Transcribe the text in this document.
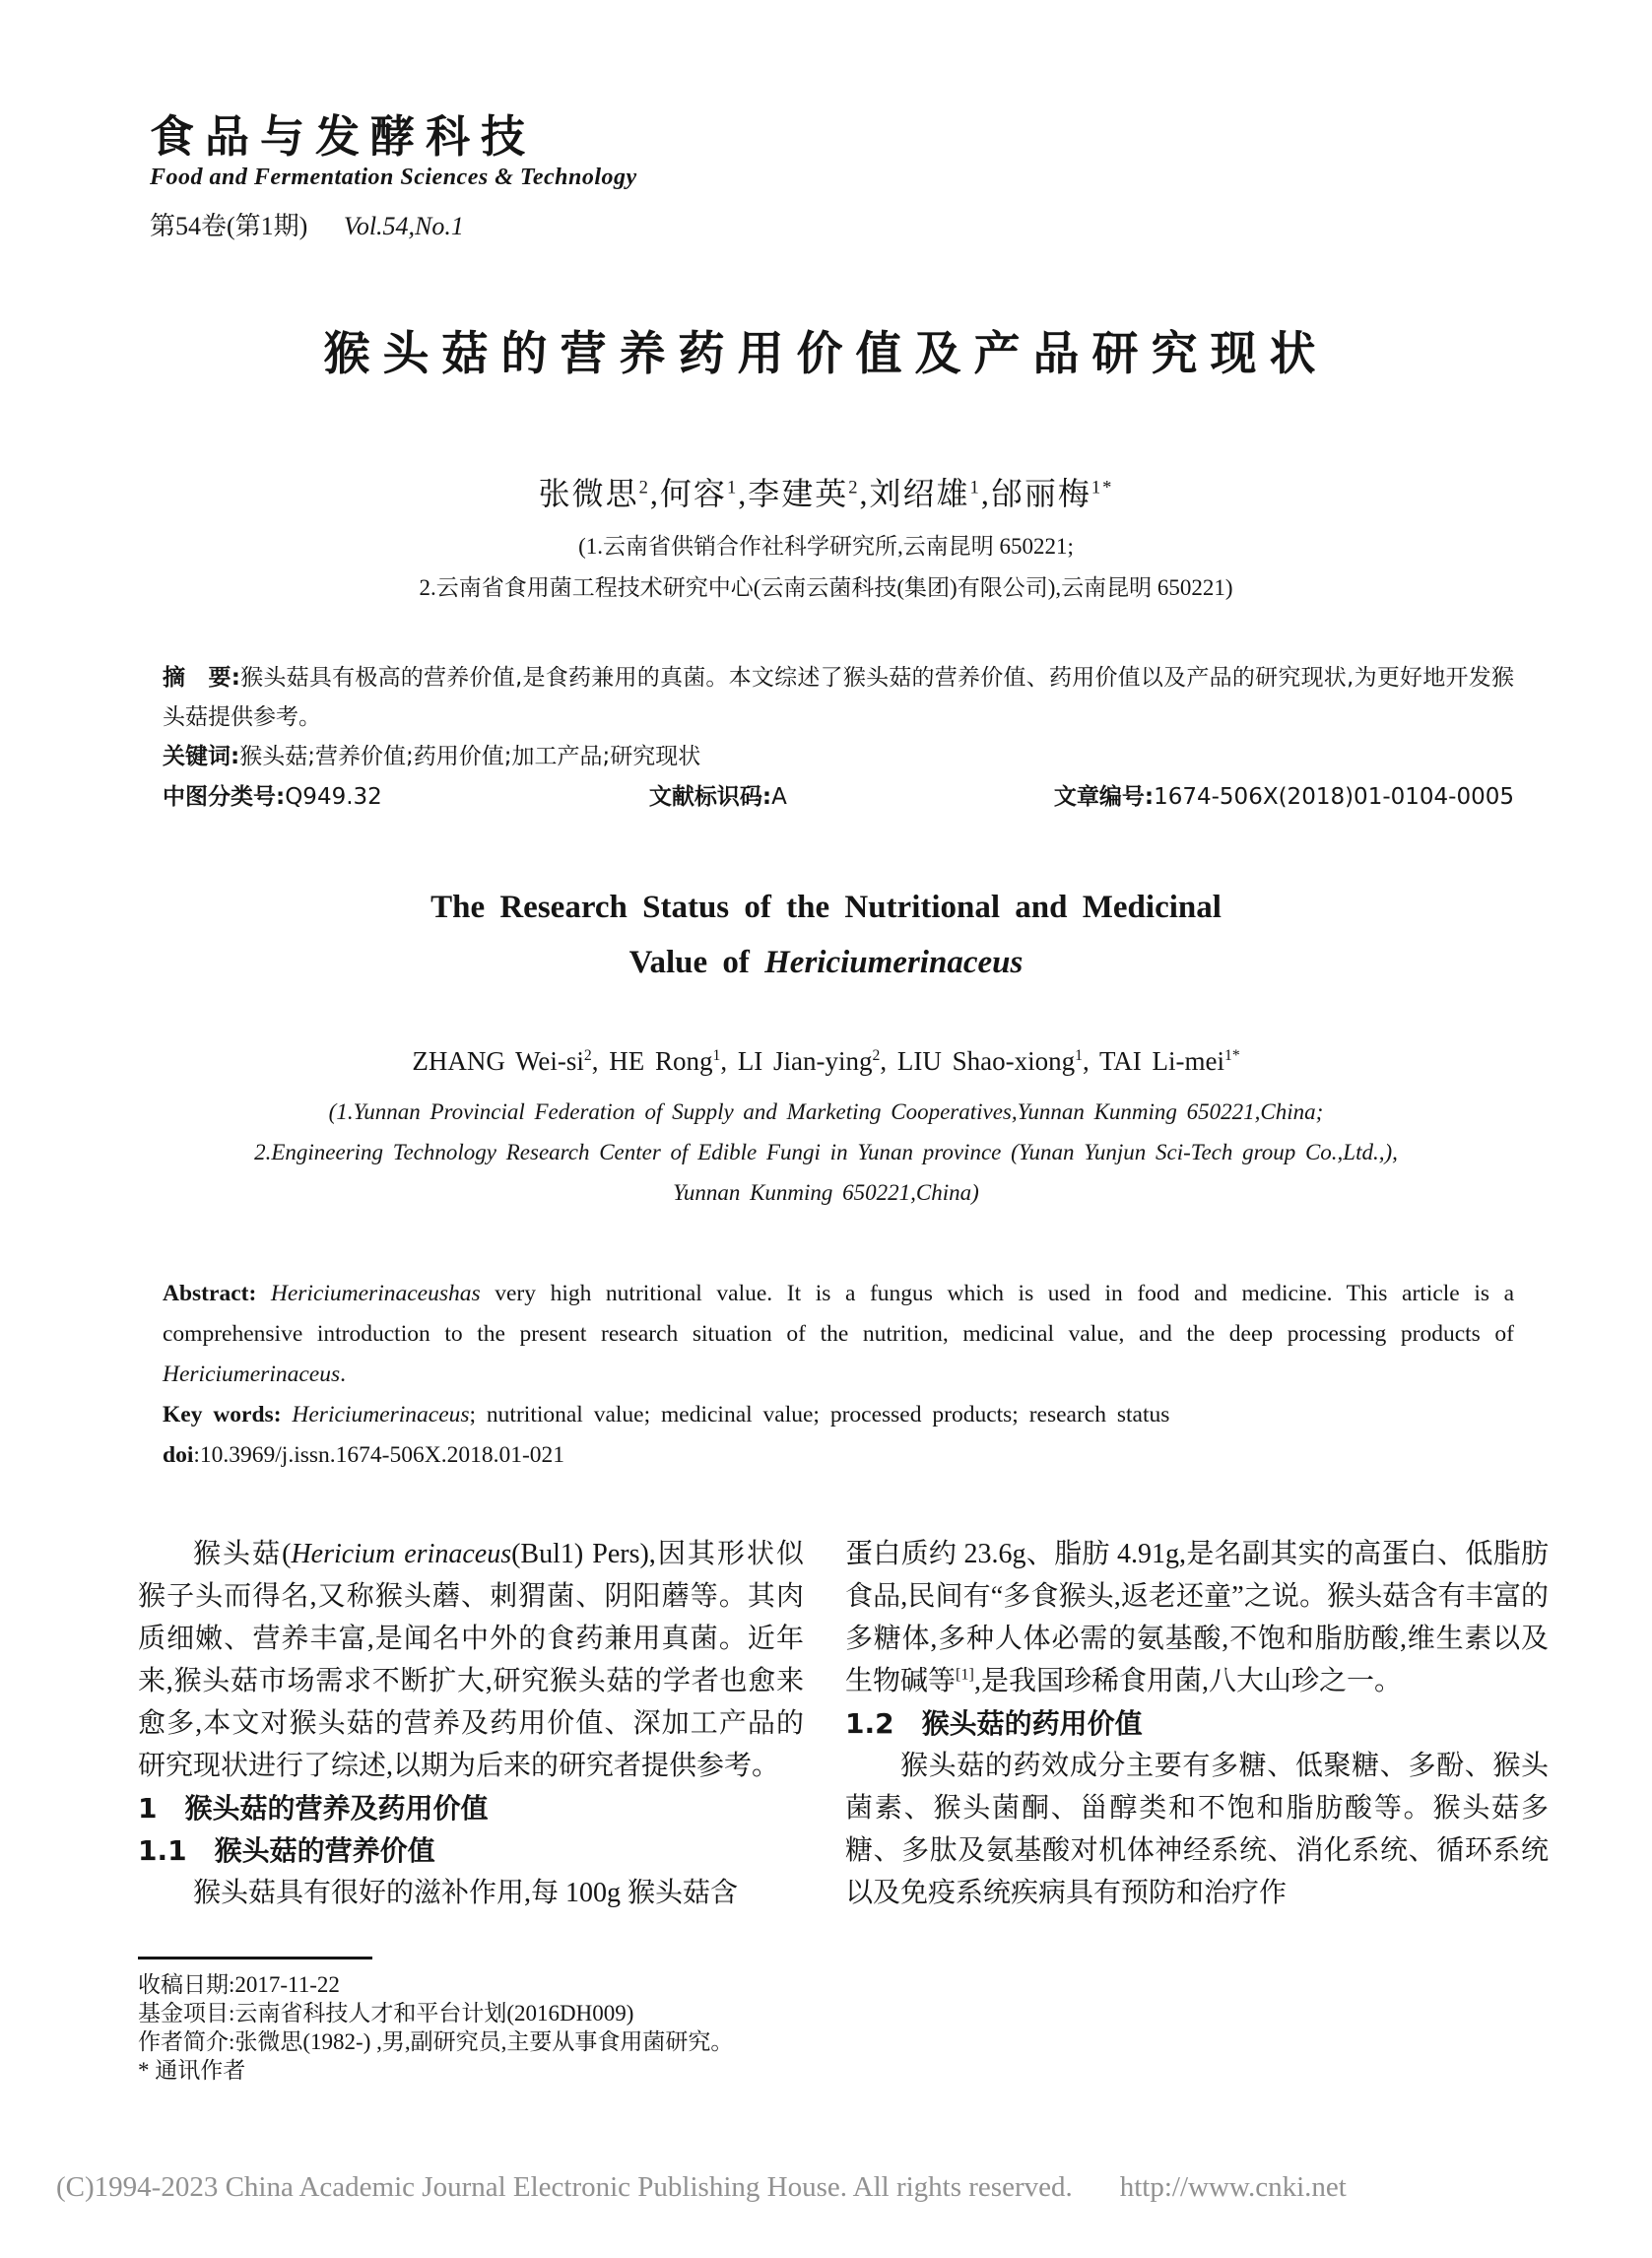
食品与发酵科技
Food and Fermentation Sciences & Technology
第54卷(第1期) Vol.54,No.1
猴头菇的营养药用价值及产品研究现状
张微思$^2$,何容$^1$,李建英$^2$,刘绍雄$^1$,邰丽梅$^{1*}$
(1.云南省供销合作社科学研究所,云南昆明 650221;
2.云南省食用菌工程技术研究中心(云南云菌科技(集团)有限公司),云南昆明 650221)

摘　要:猴头菇具有极高的营养价值,是食药兼用的真菌。本文综述了猴头菇的营养价值、药用价值以及产品的研究现状,为更好地开发猴头菇提供参考。

关键词:猴头菇;营养价值;药用价值;加工产品;研究现状

中图分类号:Q949.32	文献标识码:A	文章编号:1674-506X(2018)01-0104-0005
The Research Status of the Nutritional and Medicinal
Value of Hericiumerinaceus
ZHANG Wei-$si^2$, HE Rong$^1$, LI Jian-ying$^2$, LIU Shao-xiong$^1$, TAI Li-mei$^{1*}$
(1.Yunnan Provincial Federation of Supply and Marketing Cooperatives,Yunnan Kunming 650221,China;
2.Engineering Technology Research Center of Edible Fungi in Yunan province (Yunan Yunjun Sci-Tech group Co.,Ltd.,),
Yunnan Kunming 650221,China)

Abstract: Hericiumerinaceushas very high nutritional value. It is a fungus which is used in food and medicine. This article is a comprehensive introduction to the present research situation of the nutrition, medicinal value, and the deep processing products of Hericiumerinaceus.

Key words: Hericiumerinaceus; nutritional value; medicinal value; processed products; research status

doi:10.3969/j.issn.1674-506X.2018.01-021

猴头菇(Hericium erinaceus(Bul1) Pers),因其形状似猴子头而得名,又称猴头蘑、刺猬菌、阴阳蘑等。其肉质细嫩、营养丰富,是闻名中外的食药兼用真菌。近年来,猴头菇市场需求不断扩大,研究猴头菇的学者也愈来愈多,本文对猴头菇的营养及药用价值、深加工产品的研究现状进行了综述,以期为后来的研究者提供参考。

1　猴头菇的营养及药用价值

1.1　猴头菇的营养价值

猴头菇具有很好的滋补作用,每 100g 猴头菇含

蛋白质约 23.6g、脂肪 4.91g,是名副其实的高蛋白、低脂肪食品,民间有“多食猴头,返老还童”之说。猴头菇含有丰富的多糖体,多种人体必需的氨基酸,不饱和脂肪酸,维生素以及生物碱等[1],是我国珍稀食用菌,八大山珍之一。

1.2　猴头菇的药用价值

猴头菇的药效成分主要有多糖、低聚糖、多酚、猴头菌素、猴头菌酮、甾醇类和不饱和脂肪酸等。猴头菇多糖、多肽及氨基酸对机体神经系统、消化系统、循环系统以及免疫系统疾病具有预防和治疗作

收稿日期:2017-11-22
基金项目:云南省科技人才和平台计划(2016DH009)
作者简介:张微思(1982-) ,男,副研究员,主要从事食用菌研究。
* 通讯作者
(C)1994-2023 China Academic Journal Electronic Publishing House. All rights reserved. http://www.cnki.net
